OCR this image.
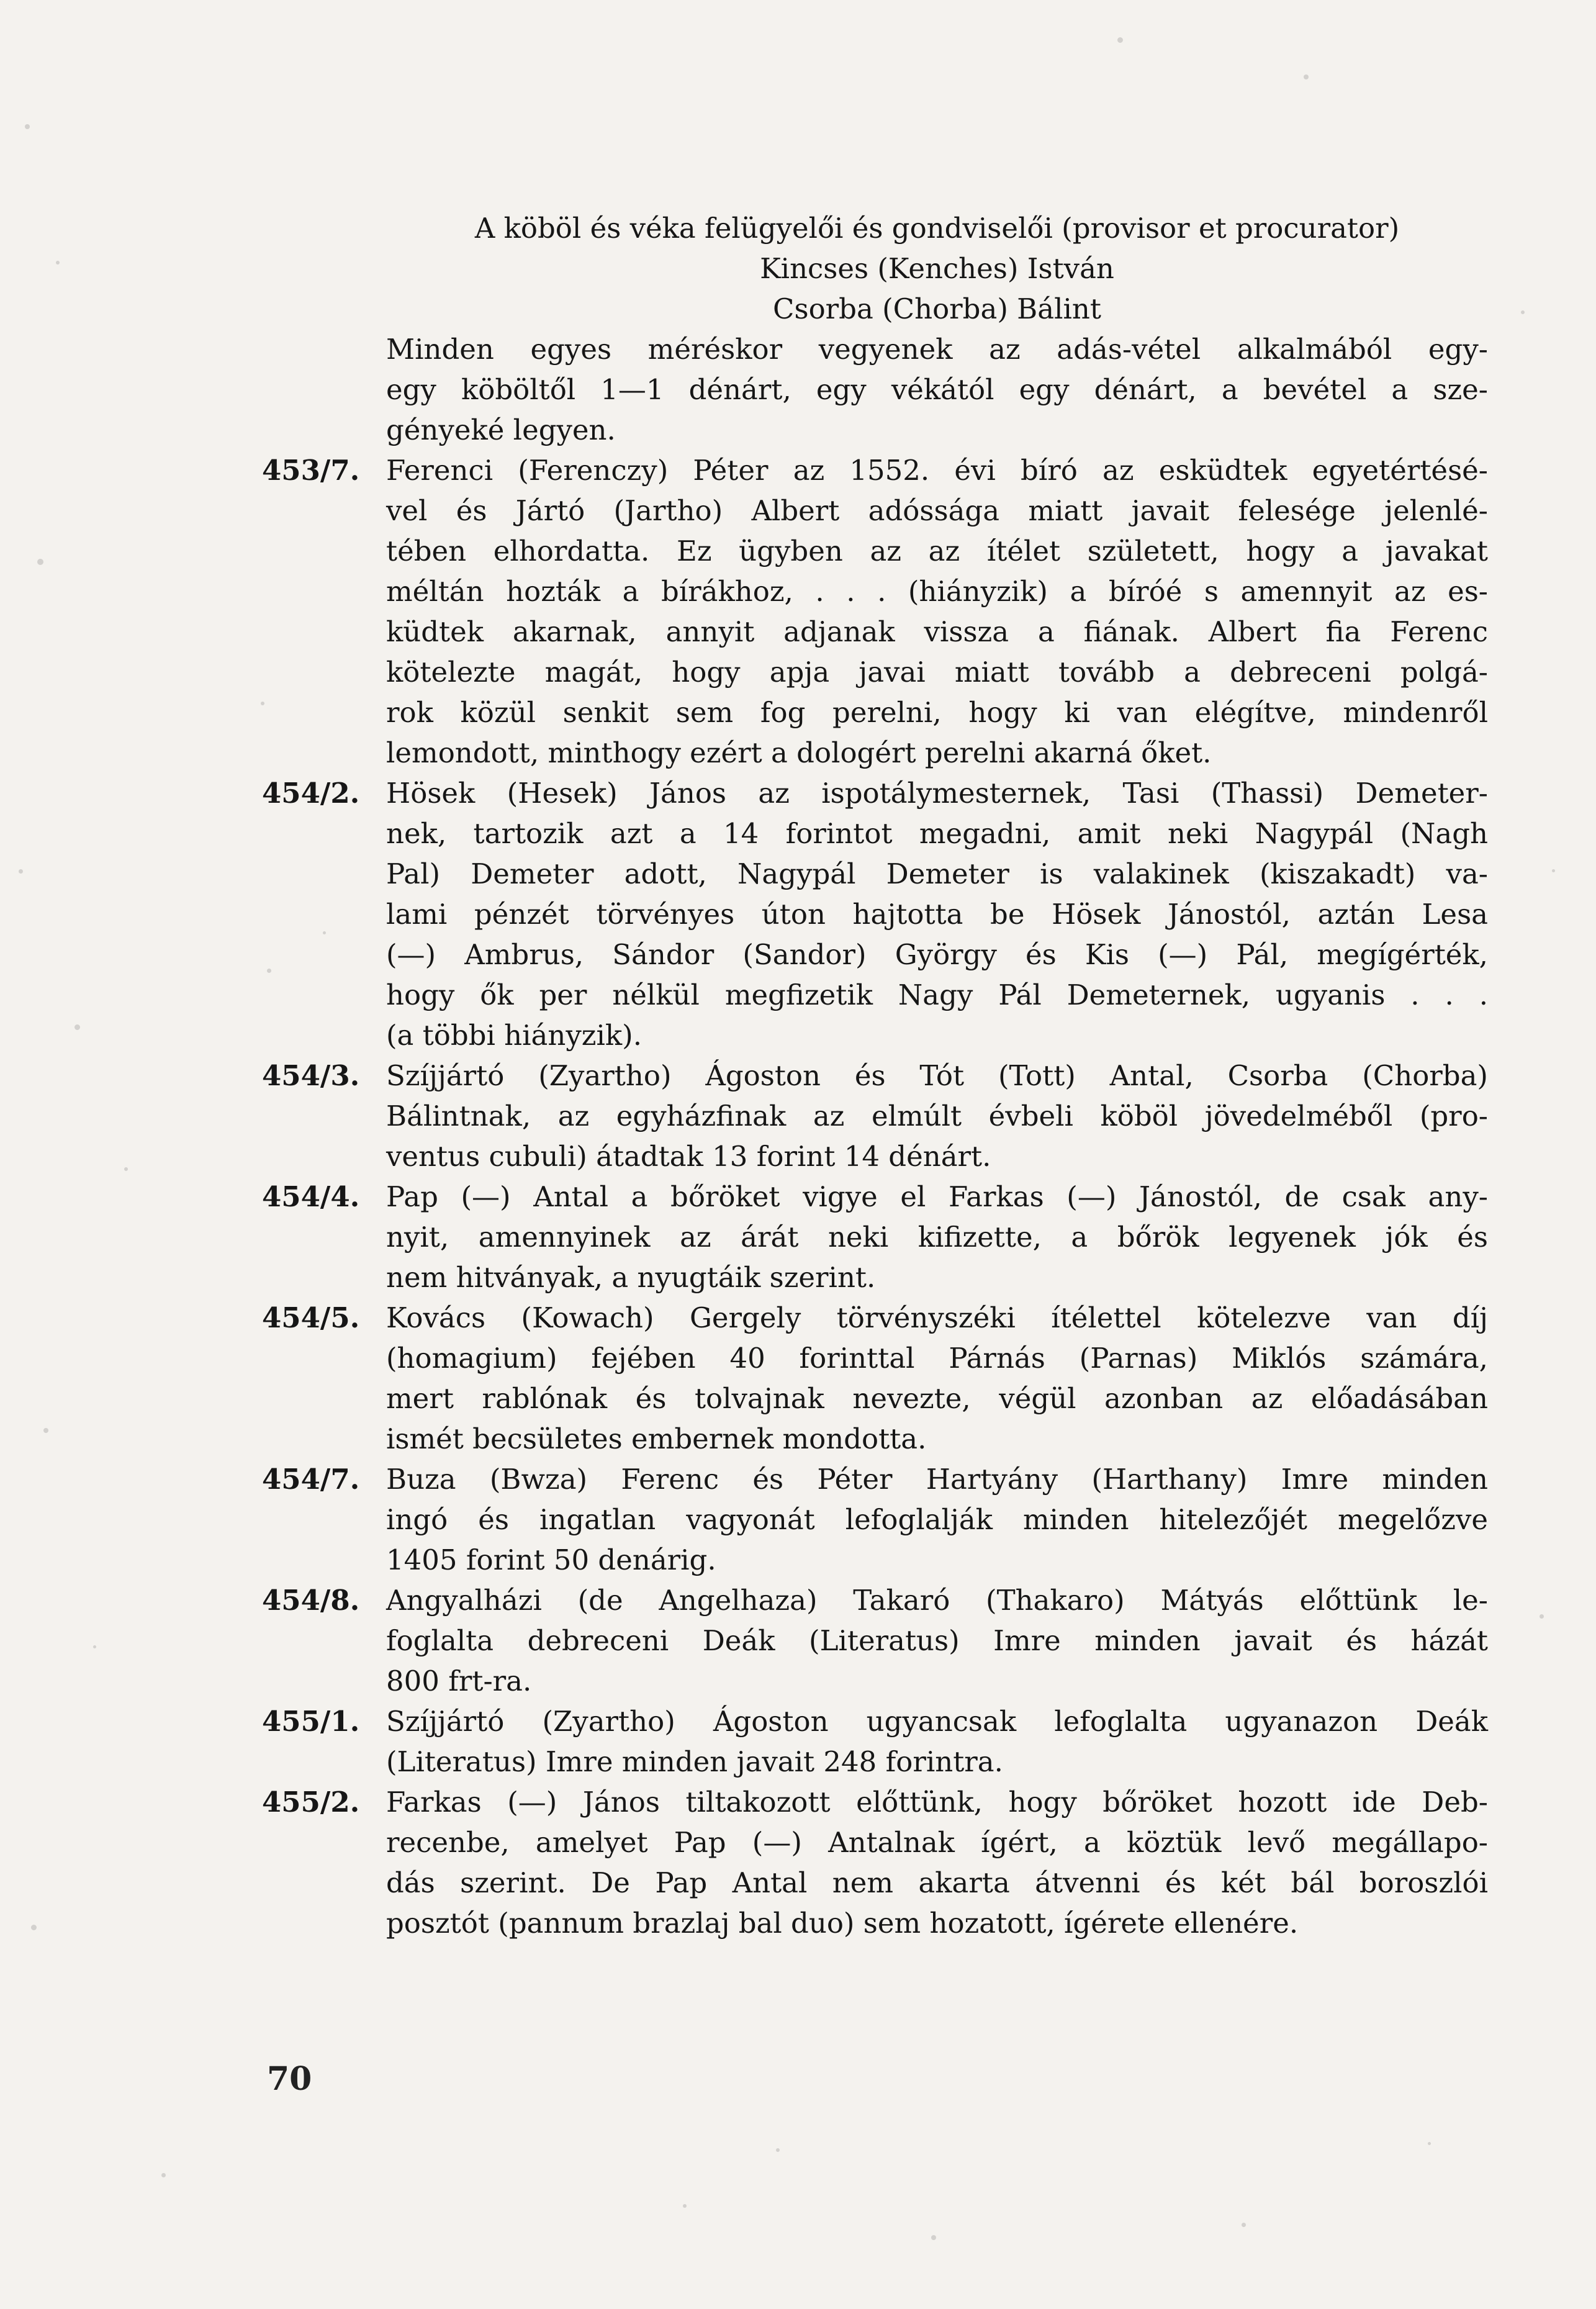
A köböl és véka felügyelői és gondviselői (provisor et procurator)
Kincses (Kenches) István
Csorba (Chorba) Bálint
Minden egyes méréskor vegyenek az adás-vétel alkalmából egy-
egy köböltől 1—1 dénárt, egy vékától egy dénárt, a bevétel a sze-
gényeké legyen.
453/7. Ferenci (Ferenczy) Péter az 1552. évi bíró az esküdtek egyetértésé-
vel és Jártó (Jartho) Albert adóssága miatt javait felesége jelenlé-
tében elhordatta. Ez ügyben az az ítélet született, hogy a javakat
méltán hozták a bírákhoz, . . . (hiányzik) a bíróé s amennyit az es-
küdtek akarnak, annyit adjanak vissza a fiának. Albert fia Ferenc
kötelezte magát, hogy apja javai miatt tovább a debreceni polgá-
rok közül senkit sem fog perelni, hogy ki van elégítve, mindenről
lemondott, minthogy ezért a dologért perelni akarná őket.
454/2. Hösek (Hesek) János az ispotálymesternek, Tasi (Thassi) Demeter-
nek, tartozik azt a 14 forintot megadni, amit neki Nagypál (Nagh
Pal) Demeter adott, Nagypál Demeter is valakinek (kiszakadt) va-
lami pénzét törvényes úton hajtotta be Hösek Jánostól, aztán Lesa
(—) Ambrus, Sándor (Sandor) György és Kis (—) Pál, megígérték,
hogy ők per nélkül megfizetik Nagy Pál Demeternek, ugyanis . . .
(a többi hiányzik).
454/3. Szíjjártó (Zyartho) Ágoston és Tót (Tott) Antal, Csorba (Chorba)
Bálintnak, az egyházfinak az elmúlt évbeli köböl jövedelméből (pro-
ventus cubuli) átadtak 13 forint 14 dénárt.
454/4. Pap (—) Antal a bőröket vigye el Farkas (—) Jánostól, de csak any-
nyit, amennyinek az árát neki kifizette, a bőrök legyenek jók és
nem hitványak, a nyugtáik szerint.
454/5. Kovács (Kowach) Gergely törvényszéki ítélettel kötelezve van díj
(homagium) fejében 40 forinttal Párnás (Parnas) Miklós számára,
mert rablónak és tolvajnak nevezte, végül azonban az előadásában
ismét becsületes embernek mondotta.
454/7. Buza (Bwza) Ferenc és Péter Hartyány (Harthany) Imre minden
ingó és ingatlan vagyonát lefoglalják minden hitelezőjét megelőzve
1405 forint 50 denárig.
454/8. Angyalházi (de Angelhaza) Takaró (Thakaro) Mátyás előttünk le-
foglalta debreceni Deák (Literatus) Imre minden javait és házát
800 frt-ra.
455/1. Szíjjártó (Zyartho) Ágoston ugyancsak lefoglalta ugyanazon Deák
(Literatus) Imre minden javait 248 forintra.
455/2. Farkas (—) János tiltakozott előttünk, hogy bőröket hozott ide Deb-
recenbe, amelyet Pap (—) Antalnak ígért, a köztük levő megállapo-
dás szerint. De Pap Antal nem akarta átvenni és két bál boroszlói
posztót (pannum brazlaj bal duo) sem hozatott, ígérete ellenére.
70
